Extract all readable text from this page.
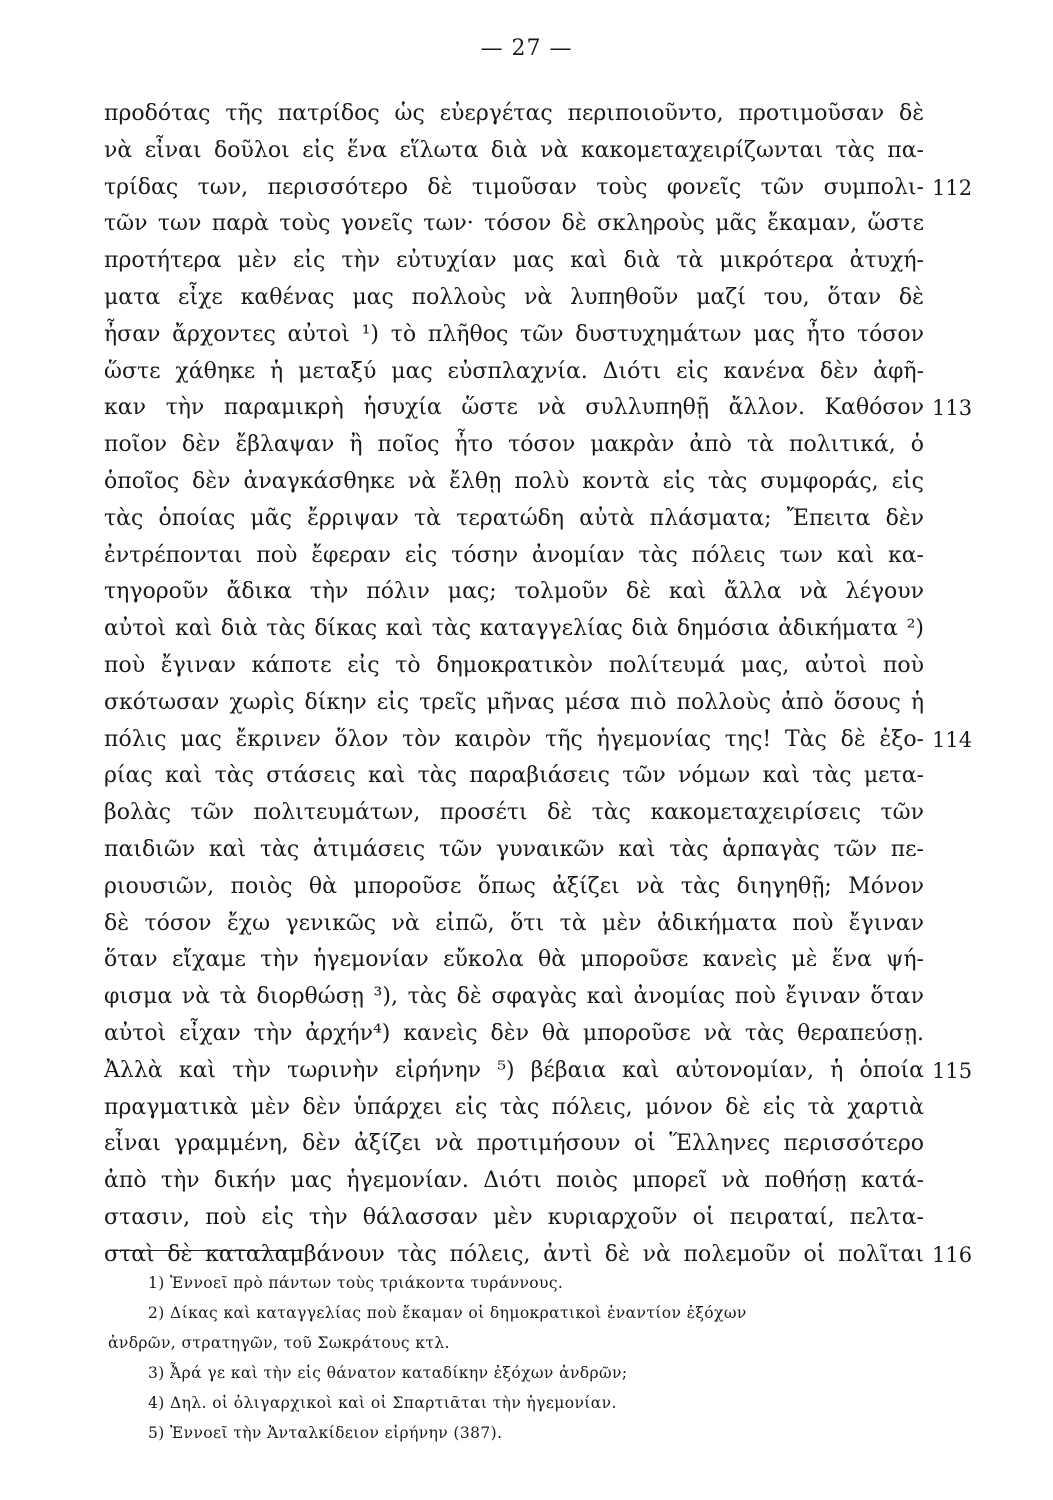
— 27 —
προδότας τῆς πατρίδος ὡς εὐεργέτας περιποιοῦντο, προτιμοῦσαν δὲ
νὰ εἶναι δοῦλοι εἰς ἕνα εἵλωτα διὰ νὰ κακομεταχειρίζωνται τὰς πα-
τρίδας των, περισσότερο δὲ τιμοῦσαν τοὺς φονεῖς τῶν συμπολι- 112
τῶν των παρὰ τοὺς γονεῖς των· τόσον δὲ σκληροὺς μᾶς ἔκαμαν, ὥστε
προτήτερα μὲν εἰς τὴν εὐτυχίαν μας καὶ διὰ τὰ μικρότερα ἀτυχή-
ματα εἶχε καθένας μας πολλοὺς νὰ λυπηθοῦν μαζί του, ὅταν δὲ
ἦσαν ἄρχοντες αὐτοὶ ¹) τὸ πλῆθος τῶν δυστυχημάτων μας ἦτο τόσον
ὥστε χάθηκε ἡ μεταξύ μας εὐσπλαχνία. Διότι εἰς κανένα δὲν ἀφῆ-
καν τὴν παραμικρὴ ἡσυχία ὥστε νὰ συλλυπηθῇ ἄλλον. Καθόσον 113
ποῖον δὲν ἔβλαψαν ἢ ποῖος ἦτο τόσον μακρὰν ἀπὸ τὰ πολιτικά, ὁ
ὁποῖος δὲν ἀναγκάσθηκε νὰ ἔλθῃ πολὺ κοντὰ εἰς τὰς συμφοράς, εἰς
τὰς ὁποίας μᾶς ἔρριψαν τὰ τερατώδη αὐτὰ πλάσματα; Ἔπειτα δὲν
ἐντρέπονται ποὺ ἔφεραν εἰς τόσην ἀνομίαν τὰς πόλεις των καὶ κα-
τηγοροῦν ἄδικα τὴν πόλιν μας; τολμοῦν δὲ καὶ ἄλλα νὰ λέγουν
αὐτοὶ καὶ διὰ τὰς δίκας καὶ τὰς καταγγελίας διὰ δημόσια ἀδικήματα ²)
ποὺ ἔγιναν κάποτε εἰς τὸ δημοκρατικὸν πολίτευμά μας, αὐτοὶ ποὺ
σκότωσαν χωρὶς δίκην εἰς τρεῖς μῆνας μέσα πιὸ πολλοὺς ἀπὸ ὅσους ἡ
πόλις μας ἔκρινεν ὅλον τὸν καιρὸν τῆς ἡγεμονίας της! Τὰς δὲ ἐξο- 114
ρίας καὶ τὰς στάσεις καὶ τὰς παραβιάσεις τῶν νόμων καὶ τὰς μετα-
βολὰς τῶν πολιτευμάτων, προσέτι δὲ τὰς κακομεταχειρίσεις τῶν
παιδιῶν καὶ τὰς ἀτιμάσεις τῶν γυναικῶν καὶ τὰς ἁρπαγὰς τῶν πε-
ριουσιῶν, ποιὸς θὰ μποροῦσε ὅπως ἀξίζει νὰ τὰς διηγηθῇ; Μόνον
δὲ τόσον ἔχω γενικῶς νὰ εἰπῶ, ὅτι τὰ μὲν ἀδικήματα ποὺ ἔγιναν
ὅταν εἴχαμε τὴν ἡγεμονίαν εὔκολα θὰ μποροῦσε κανεὶς μὲ ἕνα ψή-
φισμα νὰ τὰ διορθώσῃ ³), τὰς δὲ σφαγὰς καὶ ἀνομίας ποὺ ἔγιναν ὅταν
αὐτοὶ εἶχαν τὴν ἀρχήν⁴) κανεὶς δὲν θὰ μποροῦσε νὰ τὰς θεραπεύσῃ.
Ἀλλὰ καὶ τὴν τωρινὴν εἰρήνην ⁵) βέβαια καὶ αὐτονομίαν, ἡ ὁποία 115
πραγματικὰ μὲν δὲν ὑπάρχει εἰς τὰς πόλεις, μόνον δὲ εἰς τὰ χαρτιὰ
εἶναι γραμμένη, δὲν ἀξίζει νὰ προτιμήσουν οἱ Ἕλληνες περισσότερο
ἀπὸ τὴν δικήν μας ἡγεμονίαν. Διότι ποιὸς μπορεῖ νὰ ποθήσῃ κατά-
στασιν, ποὺ εἰς τὴν θάλασσαν μὲν κυριαρχοῦν οἱ πειραταί, πελτα-
σταὶ δὲ καταλαμβάνουν τὰς πόλεις, ἀντὶ δὲ νὰ πολεμοῦν οἱ πολῖται 116
1) Ἐννοεῖ πρὸ πάντων τοὺς τριάκοντα τυράννους.
2) Δίκας καὶ καταγγελίας ποὺ ἔκαμαν οἱ δημοκρατικοὶ ἐναντίον ἐξόχων
ἀνδρῶν, στρατηγῶν, τοῦ Σωκράτους κτλ.
3) Ἆρά γε καὶ τὴν εἰς θάνατον καταδίκην ἐξόχων ἀνδρῶν;
4) Δηλ. οἱ ὀλιγαρχικοὶ καὶ οἱ Σπαρτιᾶται τὴν ἡγεμονίαν.
5) Ἐννοεῖ τὴν Ἀνταλκίδειον εἰρήνην (387).
